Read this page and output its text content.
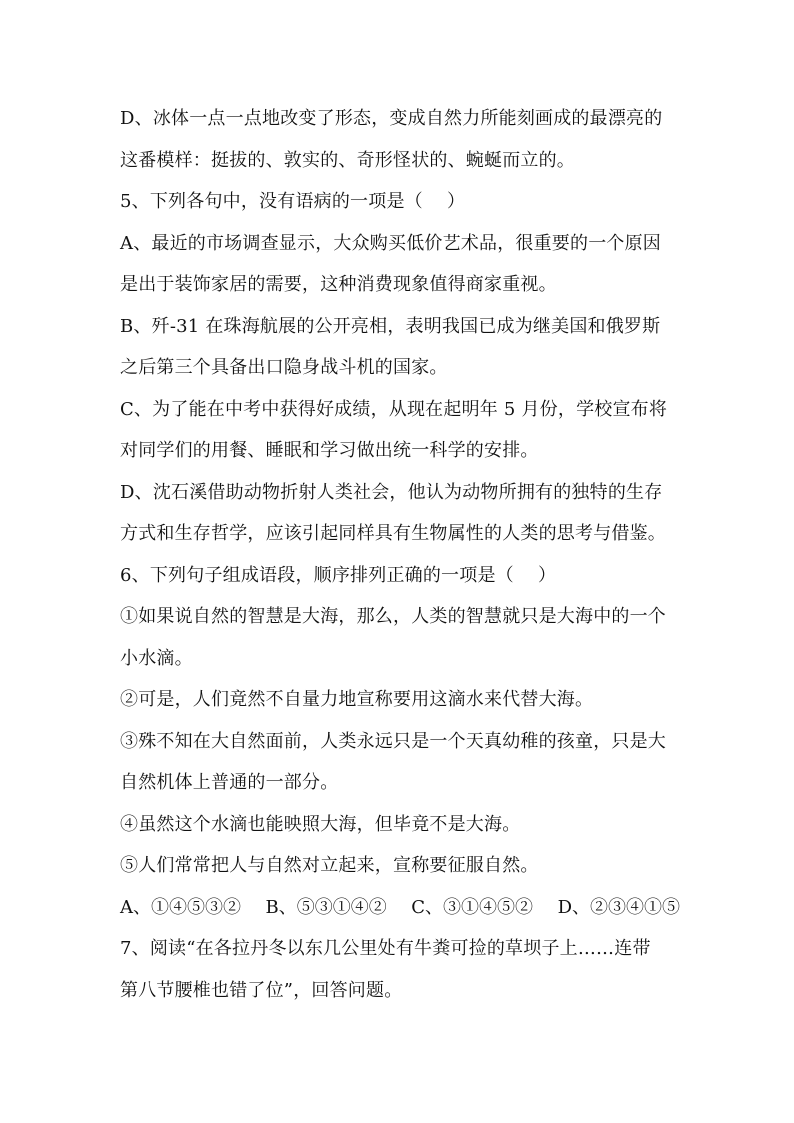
D、冰体一点一点地改变了形态，变成自然力所能刻画成的最漂亮的
这番模样：挺拔的、敦实的、奇形怪状的、蜿蜒而立的。
5、下列各句中，没有语病的一项是（　 ）
A、最近的市场调查显示，大众购买低价艺术品，很重要的一个原因
是出于装饰家居的需要，这种消费现象值得商家重视。
B、歼-31 在珠海航展的公开亮相，表明我国已成为继美国和俄罗斯
之后第三个具备出口隐身战斗机的国家。
C、为了能在中考中获得好成绩，从现在起明年 5 月份，学校宣布将
对同学们的用餐、睡眠和学习做出统一科学的安排。
D、沈石溪借助动物折射人类社会，他认为动物所拥有的独特的生存
方式和生存哲学，应该引起同样具有生物属性的人类的思考与借鉴。
6、下列句子组成语段，顺序排列正确的一项是（　 ）
①如果说自然的智慧是大海，那么，人类的智慧就只是大海中的一个
小水滴。
②可是，人们竟然不自量力地宣称要用这滴水来代替大海。
③殊不知在大自然面前，人类永远只是一个天真幼稚的孩童，只是大
自然机体上普通的一部分。
④虽然这个水滴也能映照大海，但毕竟不是大海。
⑤人们常常把人与自然对立起来，宣称要征服自然。
A、①④⑤③② B、⑤③①④② C、③①④⑤② D、②③④①⑤
7、阅读“在各拉丹冬以东几公里处有牛粪可捡的草坝子上……连带
第八节腰椎也错了位”，回答问题。
